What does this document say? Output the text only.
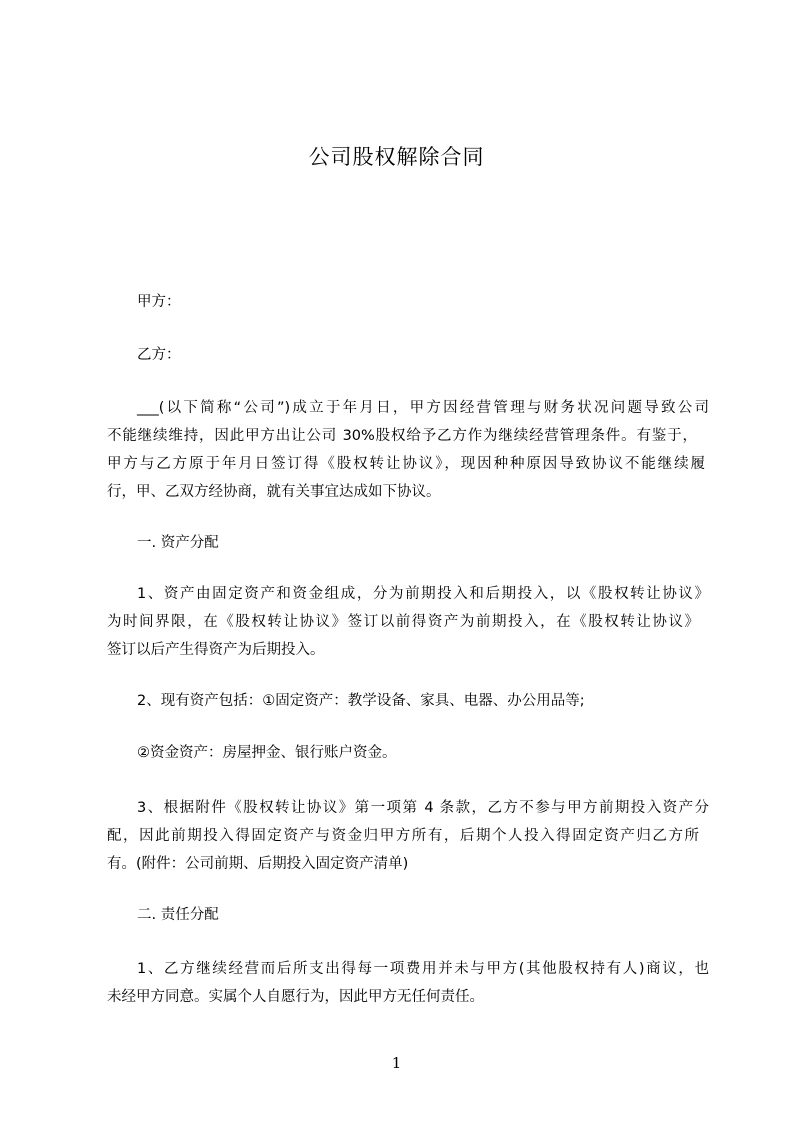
公司股权解除合同
甲方：
乙方：
___(以下简称“公司”)成立于年月日，甲方因经营管理与财务状况问题导致公司
不能继续维持，因此甲方出让公司 30%股权给予乙方作为继续经营管理条件。有鉴于，
甲方与乙方原于年月日签订得《股权转让协议》，现因种种原因导致协议不能继续履
行，甲、乙双方经协商，就有关事宜达成如下协议。
一. 资产分配
1、资产由固定资产和资金组成，分为前期投入和后期投入，以《股权转让协议》
为时间界限，在《股权转让协议》签订以前得资产为前期投入，在《股权转让协议》
签订以后产生得资产为后期投入。
2、现有资产包括：①固定资产：教学设备、家具、电器、办公用品等;
②资金资产：房屋押金、银行账户资金。
3、根据附件《股权转让协议》第一项第 4 条款，乙方不参与甲方前期投入资产分
配，因此前期投入得固定资产与资金归甲方所有，后期个人投入得固定资产归乙方所
有。(附件：公司前期、后期投入固定资产清单)
二. 责任分配
1、乙方继续经营而后所支出得每一项费用并未与甲方(其他股权持有人)商议，也
未经甲方同意。实属个人自愿行为，因此甲方无任何责任。
1
